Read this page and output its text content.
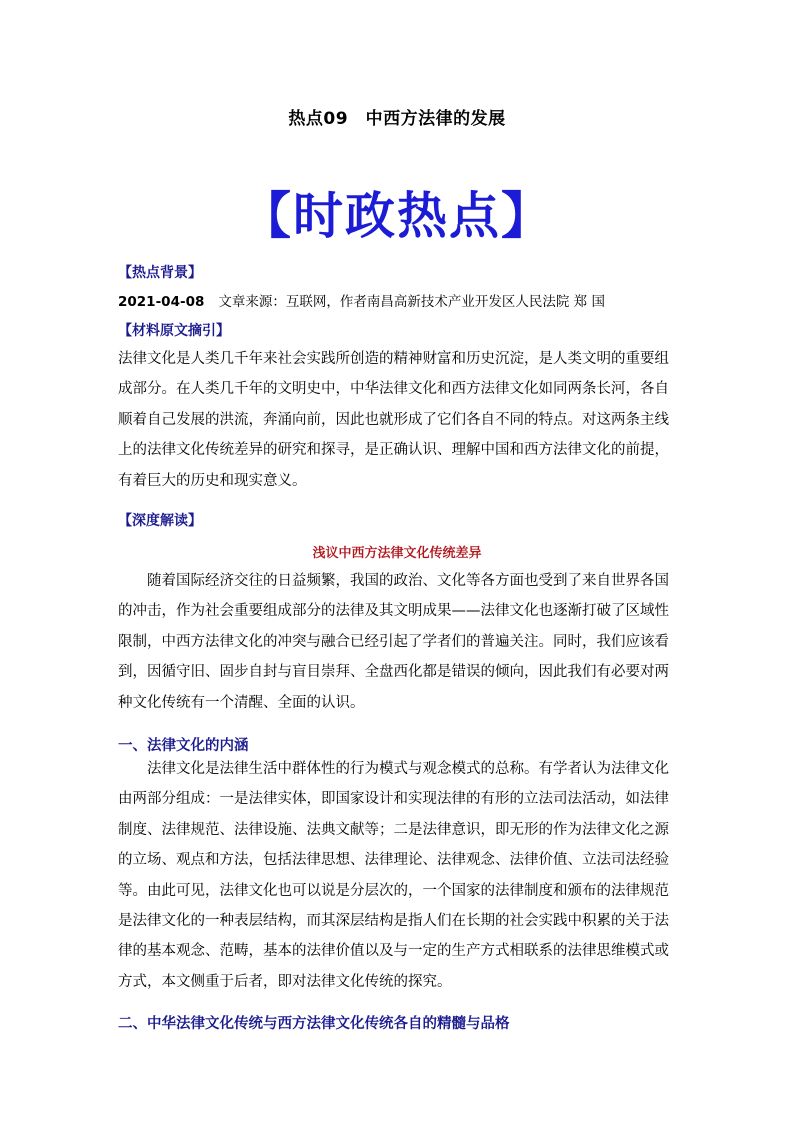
热点09　中西方法律的发展
【时政热点】
【热点背景】
2021-04-08 文章来源：互联网，作者南昌高新技术产业开发区人民法院 郑 国
【材料原文摘引】
法律文化是人类几千年来社会实践所创造的精神财富和历史沉淀，是人类文明的重要组成部分。在人类几千年的文明史中，中华法律文化和西方法律文化如同两条长河，各自顺着自己发展的洪流，奔涌向前，因此也就形成了它们各自不同的特点。对这两条主线上的法律文化传统差异的研究和探寻，是正确认识、理解中国和西方法律文化的前提，有着巨大的历史和现实意义。
【深度解读】
浅议中西方法律文化传统差异
随着国际经济交往的日益频繁，我国的政治、文化等各方面也受到了来自世界各国的冲击，作为社会重要组成部分的法律及其文明成果——法律文化也逐渐打破了区域性限制，中西方法律文化的冲突与融合已经引起了学者们的普遍关注。同时，我们应该看到，因循守旧、固步自封与盲目崇拜、全盘西化都是错误的倾向，因此我们有必要对两种文化传统有一个清醒、全面的认识。
一、法律文化的内涵
法律文化是法律生活中群体性的行为模式与观念模式的总称。有学者认为法律文化由两部分组成：一是法律实体，即国家设计和实现法律的有形的立法司法活动，如法律制度、法律规范、法律设施、法典文献等；二是法律意识，即无形的作为法律文化之源的立场、观点和方法，包括法律思想、法律理论、法律观念、法律价值、立法司法经验等。由此可见，法律文化也可以说是分层次的，一个国家的法律制度和颁布的法律规范是法律文化的一种表层结构，而其深层结构是指人们在长期的社会实践中积累的关于法律的基本观念、范畴，基本的法律价值以及与一定的生产方式相联系的法律思维模式或方式，本文侧重于后者，即对法律文化传统的探究。
二、中华法律文化传统与西方法律文化传统各自的精髓与品格
